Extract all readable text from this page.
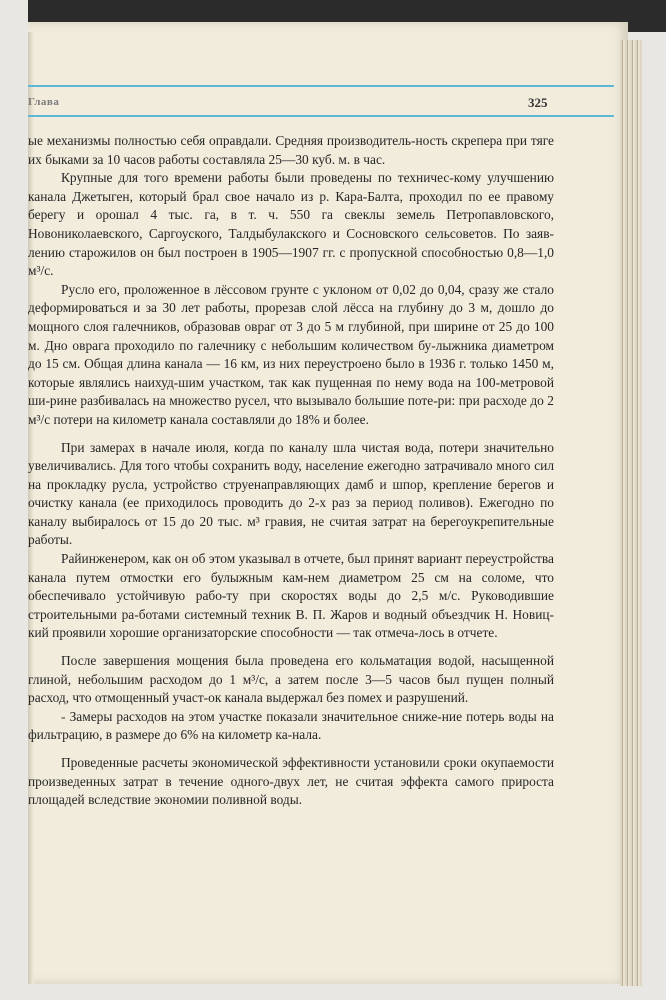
Глава	325

ые механизмы полностью себя оправдали. Средняя производитель-ность скрепера при тяге их быками за 10 часов работы составляла 25—30 куб. м. в час.

Крупные для того времени работы были проведены по техничес-кому улучшению канала Джетыген, который брал свое начало из р. Кара-Балта, проходил по ее правому берегу и орошал 4 тыс. га, в т. ч. 550 га свеклы земель Петропавловского, Новониколаевского, Саргоуского, Талдыбулакского и Сосновского сельсоветов. По заяв-лению старожилов он был построен в 1905—1907 гг. с пропускной способностью 0,8—1,0 м³/с.

Русло его, проложенное в лёссовом грунте с уклоном от 0,02 до 0,04, сразу же стало деформироваться и за 30 лет работы, прорезав слой лёсса на глубину до 3 м, дошло до мощного слоя галечников, образовав овраг от 3 до 5 м глубиной, при ширине от 25 до 100 м. Дно оврага проходило по галечнику с небольшим количеством бу-лыжника диаметром до 15 см. Общая длина канала — 16 км, из них переустроено было в 1936 г. только 1450 м, которые являлись наихуд-шим участком, так как пущенная по нему вода на 100-метровой ши-рине разбивалась на множество русел, что вызывало большие поте-ри: при расходе до 2 м³/с потери на километр канала составляли до 18% и более.

При замерах в начале июля, когда по каналу шла чистая вода, потери значительно увеличивались. Для того чтобы сохранить воду, население ежегодно затрачивало много сил на прокладку русла, устройство струенаправляющих дамб и шпор, крепление берегов и очистку канала (ее приходилось проводить до 2-х раз за период поливов). Ежегодно по каналу выбиралось от 15 до 20 тыс. м³ гравия, не считая затрат на берегоукрепительные работы.

Райинженером, как он об этом указывал в отчете, был принят вариант переустройства канала путем отмостки его булыжным кам-нем диаметром 25 см на соломе, что обеспечивало устойчивую рабо-ту при скоростях воды до 2,5 м/с. Руководившие строительными ра-ботами системный техник В. П. Жаров и водный объездчик Н. Новиц-кий проявили хорошие организаторские способности — так отмеча-лось в отчете.

После завершения мощения была проведена его кольматация водой, насыщенной глиной, небольшим расходом до 1 м³/с, а затем после 3—5 часов был пущен полный расход, что отмощенный участ-ок канала выдержал без помех и разрушений.

- Замеры расходов на этом участке показали значительное сниже-ние потерь воды на фильтрацию, в размере до 6% на километр ка-нала.

Проведенные расчеты экономической эффективности установили сроки окупаемости произведенных затрат в течение одного-двух лет, не считая эффекта самого прироста площадей вследствие экономии поливной воды.
